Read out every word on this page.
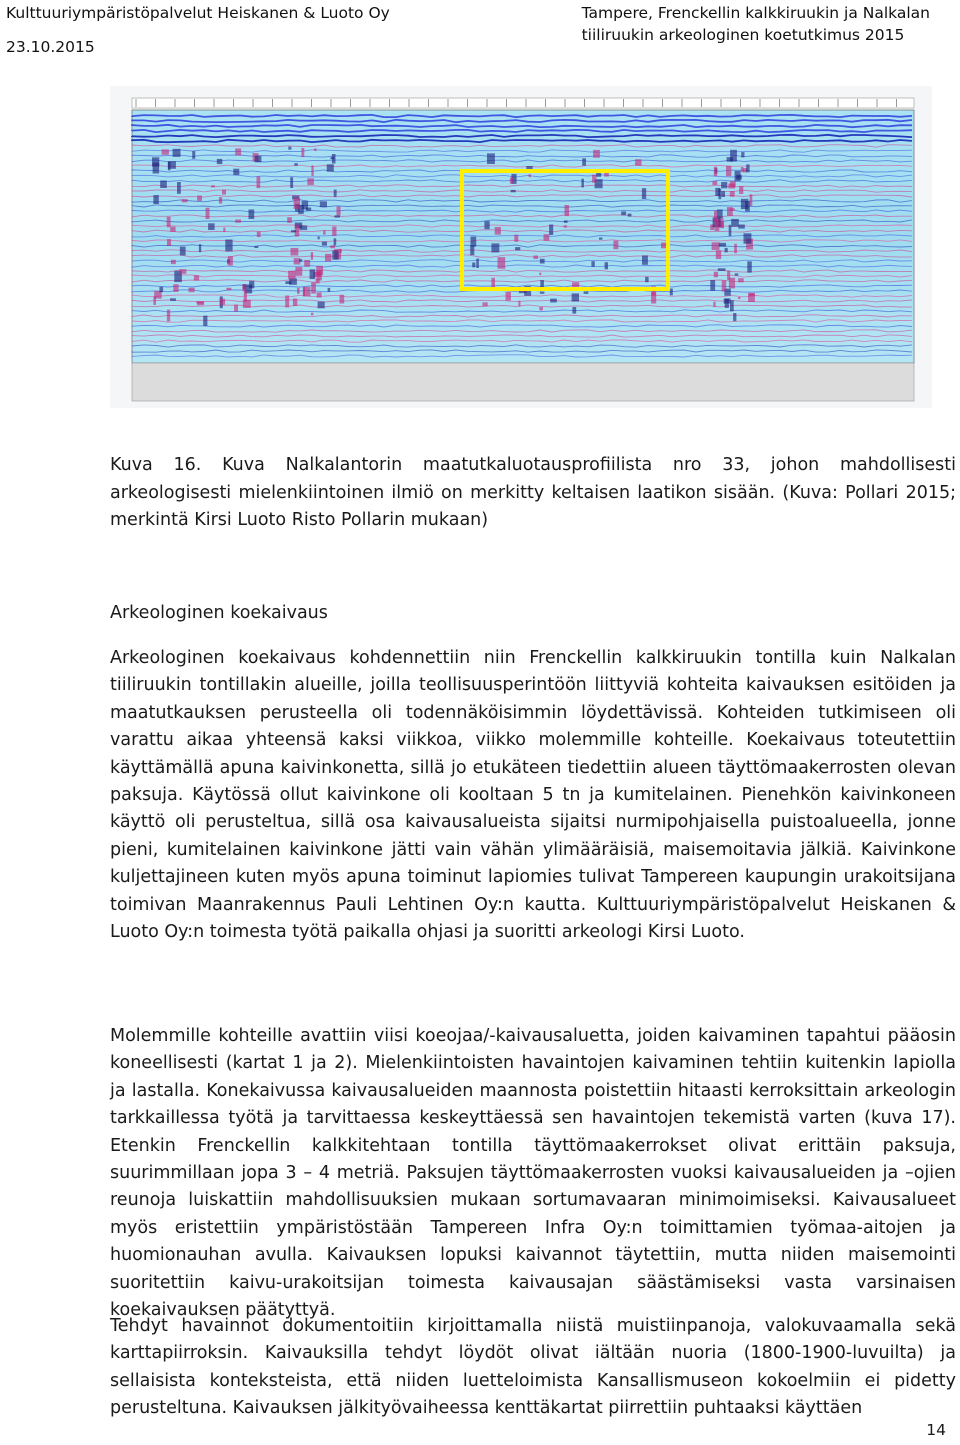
Kulttuuriympäristöpalvelut Heiskanen & Luoto Oy	Tampere, Frenckellin kalkkiruukin ja Nalkalan
tiiliruukin arkeologinen koetutkimus 2015
23.10.2015
Kuva 16. Kuva Nalkalantorin maatutkaluotausprofiilista nro 33, johon mahdollisesti arkeologisesti mielenkiintoinen ilmiö on merkitty keltaisen laatikon sisään. (Kuva: Pollari 2015; merkintä Kirsi Luoto Risto Pollarin mukaan)
Arkeologinen koekaivaus

Arkeologinen koekaivaus kohdennettiin niin Frenckellin kalkkiruukin tontilla kuin Nalkalan tiiliruukin tontillakin alueille, joilla teollisuusperintöön liittyviä kohteita kaivauksen esitöiden ja maatutkauksen perusteella oli todennäköisimmin löydettävissä. Kohteiden tutkimiseen oli varattu aikaa yhteensä kaksi viikkoa, viikko molemmille kohteille. Koekaivaus toteutettiin käyttämällä apuna kaivinkonetta, sillä jo etukäteen tiedettiin alueen täyttömaakerrosten olevan paksuja. Käytössä ollut kaivinkone oli kooltaan 5 tn ja kumitelainen. Pienehkön kaivinkoneen käyttö oli perusteltua, sillä osa kaivausalueista sijaitsi nurmipohjaisella puistoalueella, jonne pieni, kumitelainen kaivinkone jätti vain vähän ylimääräisiä, maisemoitavia jälkiä. Kaivinkone kuljettajineen kuten myös apuna toiminut lapiomies tulivat Tampereen kaupungin urakoitsijana toimivan Maanrakennus Pauli Lehtinen Oy:n kautta. Kulttuuriympäristöpalvelut Heiskanen & Luoto Oy:n toimesta työtä paikalla ohjasi ja suoritti arkeologi Kirsi Luoto.

Molemmille kohteille avattiin viisi koeojaa/-kaivausaluetta, joiden kaivaminen tapahtui pääosin koneellisesti (kartat 1 ja 2). Mielenkiintoisten havaintojen kaivaminen tehtiin kuitenkin lapiolla ja lastalla. Konekaivussa kaivausalueiden maannosta poistettiin hitaasti kerroksittain arkeologin tarkkaillessa työtä ja tarvittaessa keskeyttäessä sen havaintojen tekemistä varten (kuva 17). Etenkin Frenckellin kalkkitehtaan tontilla täyttömaakerrokset olivat erittäin paksuja, suurimmillaan jopa 3 – 4 metriä. Paksujen täyttömaakerrosten vuoksi kaivausalueiden ja –ojien reunoja luiskattiin mahdollisuuksien mukaan sortumavaaran minimoimiseksi. Kaivausalueet myös eristettiin ympäristöstään Tampereen Infra Oy:n toimittamien työmaa-aitojen ja huomionauhan avulla. Kaivauksen lopuksi kaivannot täytettiin, mutta niiden maisemointi suoritettiin kaivu-urakoitsijan toimesta kaivausajan säästämiseksi vasta varsinaisen koekaivauksen päätyttyä.

Tehdyt havainnot dokumentoitiin kirjoittamalla niistä muistiinpanoja, valokuvaamalla sekä karttapiirroksin. Kaivauksilla tehdyt löydöt olivat iältään nuoria (1800-1900-luvuilta) ja sellaisista konteksteista, että niiden luetteloimista Kansallismuseon kokoelmiin ei pidetty perusteltuna. Kaivauksen jälkityövaiheessa kenttäkartat piirrettiin puhtaaksi käyttäen

14
